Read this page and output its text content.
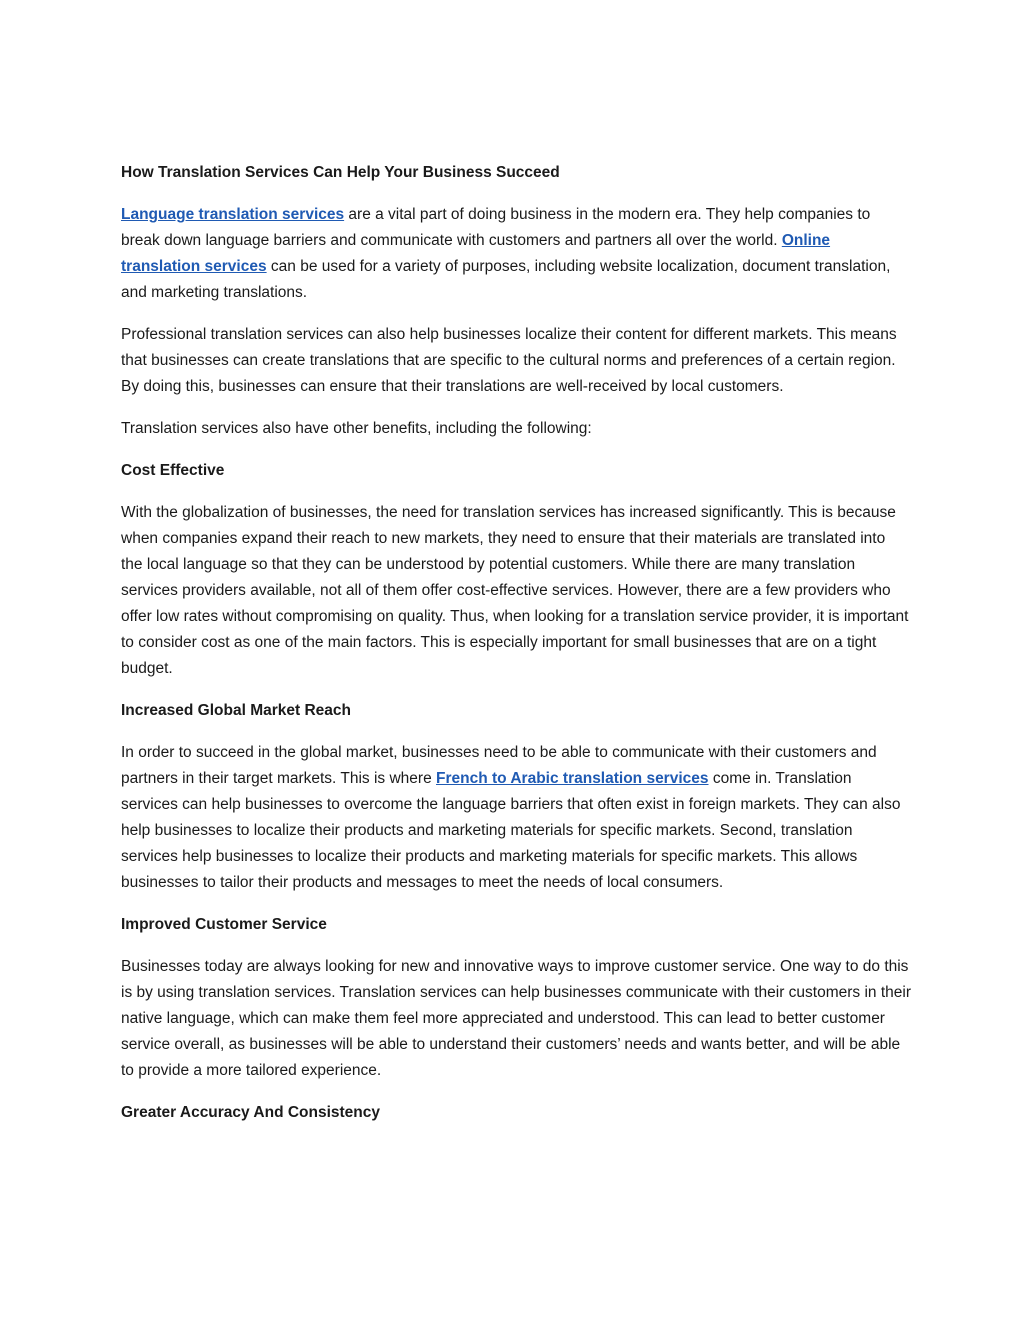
How Translation Services Can Help Your Business Succeed

Language translation services are a vital part of doing business in the modern era. They help companies to break down language barriers and communicate with customers and partners all over the world. Online translation services can be used for a variety of purposes, including website localization, document translation, and marketing translations.

Professional translation services can also help businesses localize their content for different markets. This means that businesses can create translations that are specific to the cultural norms and preferences of a certain region. By doing this, businesses can ensure that their translations are well-received by local customers.

Translation services also have other benefits, including the following:

Cost Effective

With the globalization of businesses, the need for translation services has increased significantly. This is because when companies expand their reach to new markets, they need to ensure that their materials are translated into the local language so that they can be understood by potential customers. While there are many translation services providers available, not all of them offer cost-effective services. However, there are a few providers who offer low rates without compromising on quality. Thus, when looking for a translation service provider, it is important to consider cost as one of the main factors. This is especially important for small businesses that are on a tight budget.

Increased Global Market Reach

In order to succeed in the global market, businesses need to be able to communicate with their customers and partners in their target markets. This is where French to Arabic translation services come in. Translation services can help businesses to overcome the language barriers that often exist in foreign markets. They can also help businesses to localize their products and marketing materials for specific markets. Second, translation services help businesses to localize their products and marketing materials for specific markets. This allows businesses to tailor their products and messages to meet the needs of local consumers.

Improved Customer Service

Businesses today are always looking for new and innovative ways to improve customer service. One way to do this is by using translation services. Translation services can help businesses communicate with their customers in their native language, which can make them feel more appreciated and understood. This can lead to better customer service overall, as businesses will be able to understand their customers’ needs and wants better, and will be able to provide a more tailored experience.

Greater Accuracy And Consistency
